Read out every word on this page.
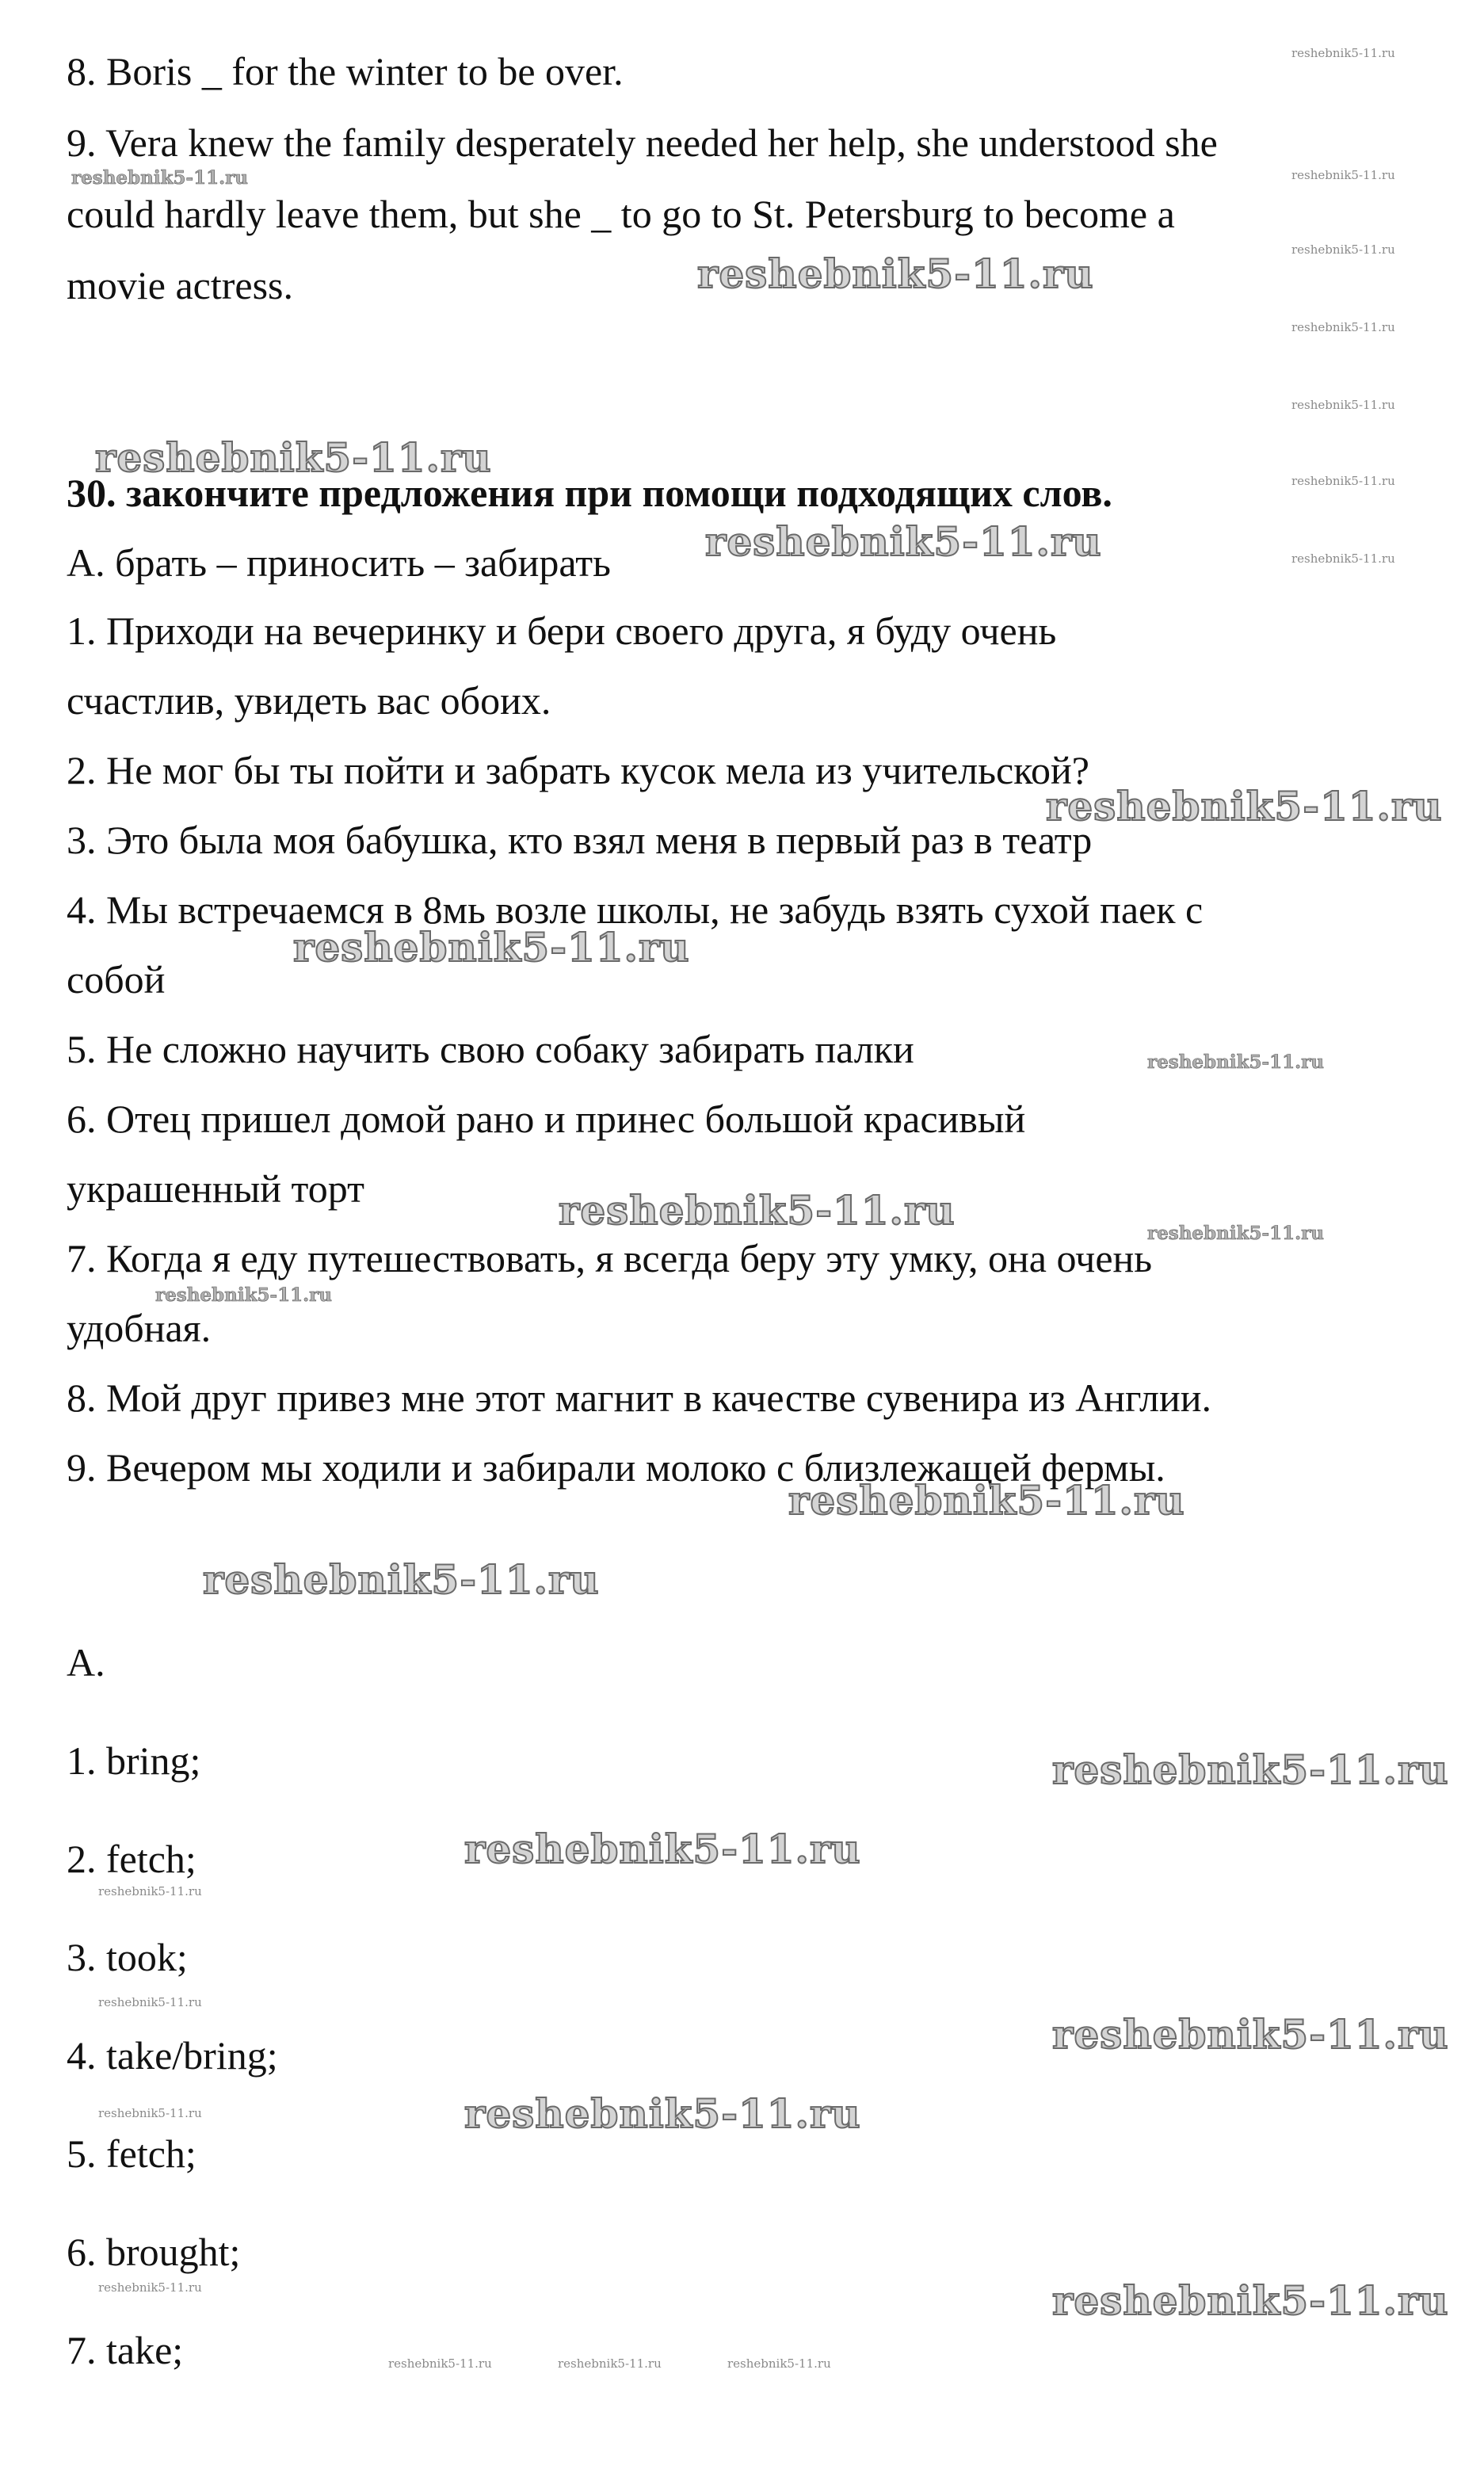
8. Boris _ for the winter to be over.
9. Vera knew the family desperately needed her help, she understood she
could hardly leave them, but she _ to go to St. Petersburg to become a
movie actress.
30. закончите предложения при помощи подходящих слов.
A. брать – приносить – забирать
1. Приходи на вечеринку и бери своего друга, я буду очень
счастлив, увидеть вас обоих.
2. Не мог бы ты пойти и забрать кусок мела из учительской?
3. Это была моя бабушка, кто взял меня в первый раз в театр
4. Мы встречаемся в 8мь возле школы, не забудь взять сухой паек с
собой
5. Не сложно научить свою собаку забирать палки
6. Отец пришел домой рано и принес большой красивый
украшенный торт
7. Когда я еду путешествовать, я всегда беру эту умку, она очень
удобная.
8. Мой друг привез мне этот магнит в качестве сувенира из Англии.
9. Вечером мы ходили и забирали молоко с близлежащей фермы.
A.
1. bring;
2. fetch;
3. took;
4. take/bring;
5. fetch;
6. brought;
7. take;
reshebnik5-11.ru
reshebnik5-11.ru
reshebnik5-11.ru
reshebnik5-11.ru
reshebnik5-11.ru
reshebnik5-11.ru
reshebnik5-11.ru
reshebnik5-11.ru
reshebnik5-11.ru
reshebnik5-11.ru
reshebnik5-11.ru
reshebnik5-11.ru
reshebnik5-11.ru
reshebnik5-11.ru
reshebnik5-11.ru
reshebnik5-11.ru
reshebnik5-11.ru
reshebnik5-11.ru
reshebnik5-11.ru
reshebnik5-11.ru
reshebnik5-11.ru
reshebnik5-11.ru
reshebnik5-11.ru
reshebnik5-11.ru
reshebnik5-11.ru
reshebnik5-11.ru
reshebnik5-11.ru
reshebnik5-11.ru
reshebnik5-11.ru	reshebnik5-11.ru	reshebnik5-11.ru
